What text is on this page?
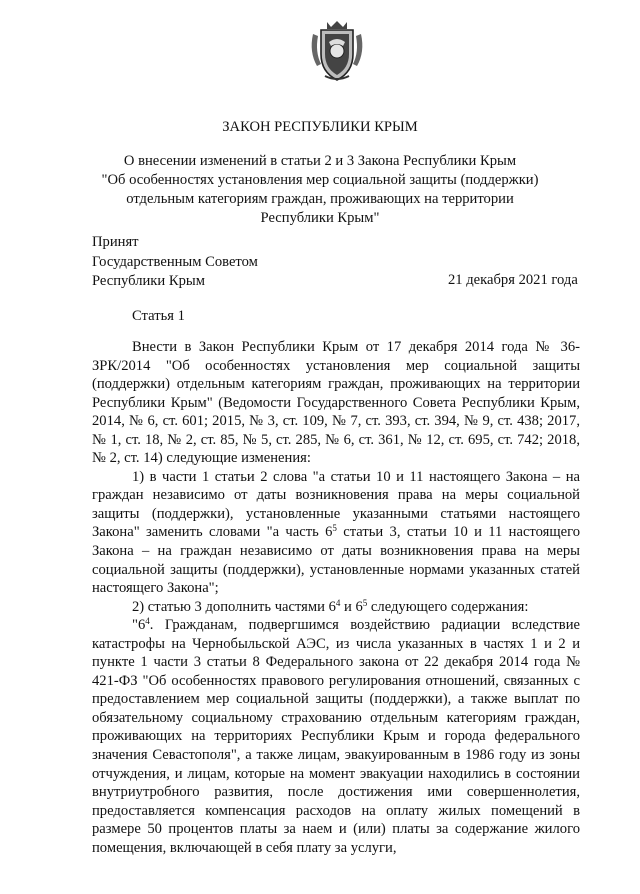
ЗАКОН РЕСПУБЛИКИ КРЫМ
О внесении изменений в статьи 2 и 3 Закона Республики Крым
"Об особенностях установления мер социальной защиты (поддержки)
отдельным категориям граждан, проживающих на территории
Республики Крым"
Принят
Государственным Советом
Республики Крым	21 декабря 2021 года
Статья 1

Внести в Закон Республики Крым от 17 декабря 2014 года № 36-ЗРК/2014 "Об особенностях установления мер социальной защиты (поддержки) отдельным категориям граждан, проживающих на территории Республики Крым" (Ведомости Государственного Совета Республики Крым, 2014, № 6, ст. 601; 2015, № 3, ст. 109, № 7, ст. 393, ст. 394, № 9, ст. 438; 2017, № 1, ст. 18, № 2, ст. 85, № 5, ст. 285, № 6, ст. 361, № 12, ст. 695, ст. 742; 2018, № 2, ст. 14) следующие изменения:

1) в части 1 статьи 2 слова "а статьи 10 и 11 настоящего Закона – на граждан независимо от даты возникновения права на меры социальной защиты (поддержки), установленные указанными статьями настоящего Закона" заменить словами "а часть $6^5$ статьи 3, статьи 10 и 11 настоящего Закона – на граждан независимо от даты возникновения права на меры социальной защиты (поддержки), установленные нормами указанных статей настоящего Закона";

2) статью 3 дополнить частями $6^4$ и $6^5$ следующего содержания:

"$6^4$. Гражданам, подвергшимся воздействию радиации вследствие катастрофы на Чернобыльской АЭС, из числа указанных в частях 1 и 2 и пункте 1 части 3 статьи 8 Федерального закона от 22 декабря 2014 года № 421-ФЗ "Об особенностях правового регулирования отношений, связанных с предоставлением мер социальной защиты (поддержки), а также выплат по обязательному социальному страхованию отдельным категориям граждан, проживающих на территориях Республики Крым и города федерального значения Севастополя", а также лицам, эвакуированным в 1986 году из зоны отчуждения, и лицам, которые на момент эвакуации находились в состоянии внутриутробного развития, после достижения ими совершеннолетия, предоставляется компенсация расходов на оплату жилых помещений в размере 50 процентов платы за наем и (или) платы за содержание жилого помещения, включающей в себя плату за услуги,
